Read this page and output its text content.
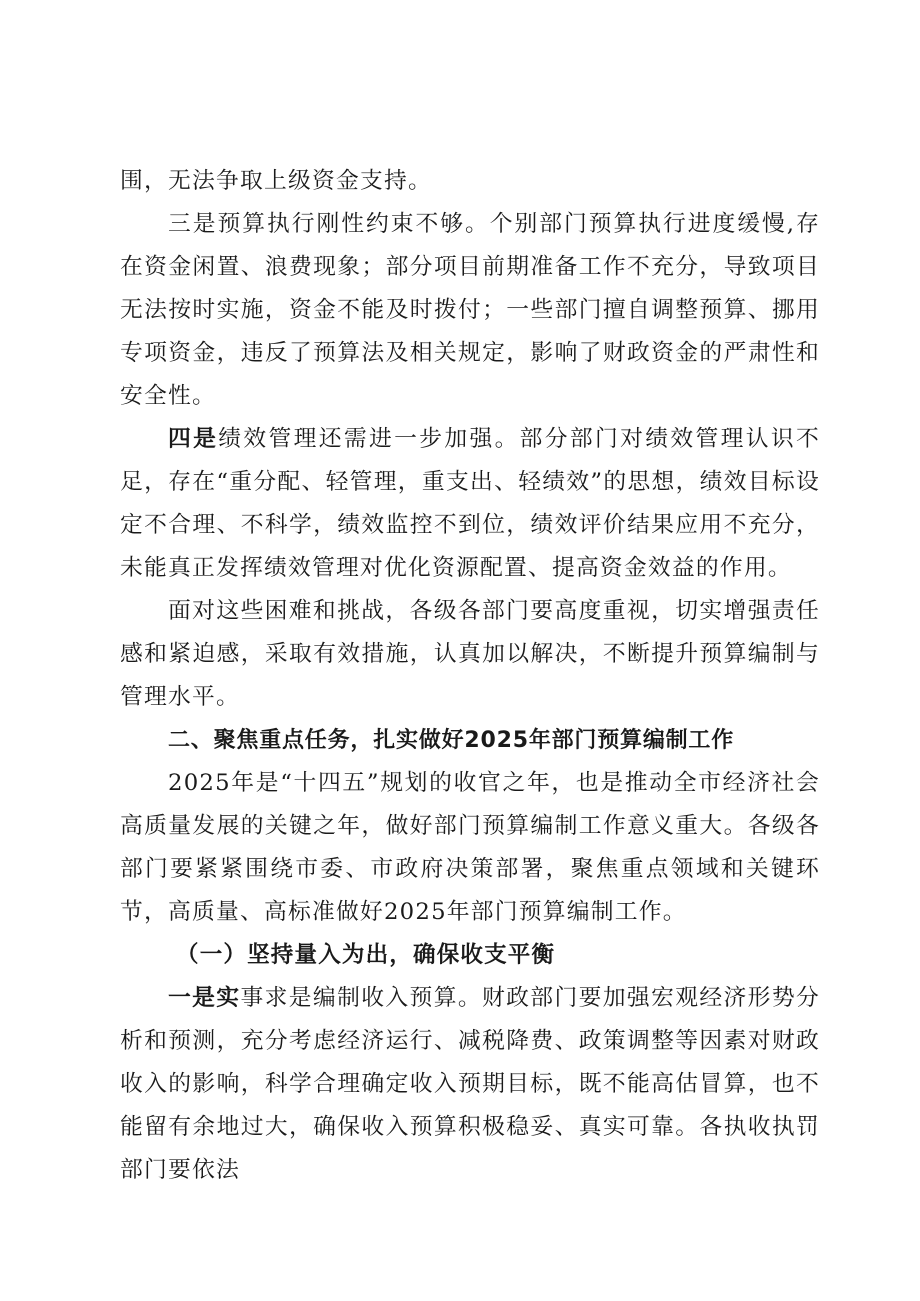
围，无法争取上级资金支持。

三是预算执行刚性约束不够。个别部门预算执行进度缓慢,存在资金闲置、浪费现象；部分项目前期准备工作不充分，导致项目无法按时实施，资金不能及时拨付；一些部门擅自调整预算、挪用专项资金，违反了预算法及相关规定，影响了财政资金的严肃性和安全性。

四是绩效管理还需进一步加强。部分部门对绩效管理认识不足，存在“重分配、轻管理，重支出、轻绩效”的思想，绩效目标设定不合理、不科学，绩效监控不到位，绩效评价结果应用不充分，未能真正发挥绩效管理对优化资源配置、提高资金效益的作用。

面对这些困难和挑战，各级各部门要高度重视，切实增强责任感和紧迫感，采取有效措施，认真加以解决，不断提升预算编制与管理水平。

二、聚焦重点任务，扎实做好2025年部门预算编制工作

2025年是“十四五”规划的收官之年，也是推动全市经济社会高质量发展的关键之年，做好部门预算编制工作意义重大。各级各部门要紧紧围绕市委、市政府决策部署，聚焦重点领域和关键环节，高质量、高标准做好2025年部门预算编制工作。

（一）坚持量入为出，确保收支平衡

一是实事求是编制收入预算。财政部门要加强宏观经济形势分析和预测，充分考虑经济运行、减税降费、政策调整等因素对财政收入的影响，科学合理确定收入预期目标，既不能高估冒算，也不能留有余地过大，确保收入预算积极稳妥、真实可靠。各执收执罚部门要依法
